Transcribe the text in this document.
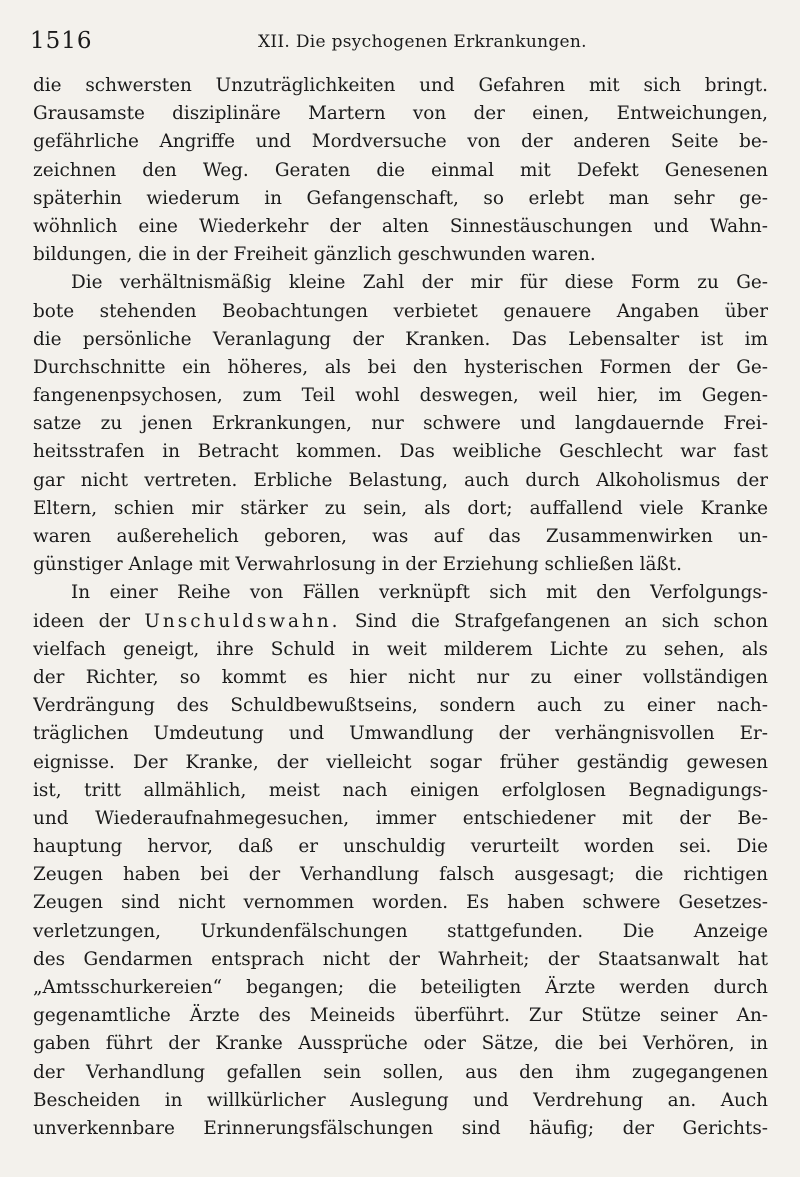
1516	XII. Die psychogenen Erkrankungen.
die schwersten Unzuträglichkeiten und Gefahren mit sich bringt.
Grausamste disziplinäre Martern von der einen, Entweichungen,
gefährliche Angriffe und Mordversuche von der anderen Seite be-
zeichnen den Weg. Geraten die einmal mit Defekt Genesenen
späterhin wiederum in Gefangenschaft, so erlebt man sehr ge-
wöhnlich eine Wiederkehr der alten Sinnestäuschungen und Wahn-
bildungen, die in der Freiheit gänzlich geschwunden waren.
Die verhältnismäßig kleine Zahl der mir für diese Form zu Ge-
bote stehenden Beobachtungen verbietet genauere Angaben über
die persönliche Veranlagung der Kranken. Das Lebensalter ist im
Durchschnitte ein höheres, als bei den hysterischen Formen der Ge-
fangenenpsychosen, zum Teil wohl deswegen, weil hier, im Gegen-
satze zu jenen Erkrankungen, nur schwere und langdauernde Frei-
heitsstrafen in Betracht kommen. Das weibliche Geschlecht war fast
gar nicht vertreten. Erbliche Belastung, auch durch Alkoholismus der
Eltern, schien mir stärker zu sein, als dort; auffallend viele Kranke
waren außerehelich geboren, was auf das Zusammenwirken un-
günstiger Anlage mit Verwahrlosung in der Erziehung schließen läßt.
In einer Reihe von Fällen verknüpft sich mit den Verfolgungs-
ideen der Unschuldswahn. Sind die Strafgefangenen an sich schon
vielfach geneigt, ihre Schuld in weit milderem Lichte zu sehen, als
der Richter, so kommt es hier nicht nur zu einer vollständigen
Verdrängung des Schuldbewußtseins, sondern auch zu einer nach-
träglichen Umdeutung und Umwandlung der verhängnisvollen Er-
eignisse. Der Kranke, der vielleicht sogar früher geständig gewesen
ist, tritt allmählich, meist nach einigen erfolglosen Begnadigungs-
und Wiederaufnahmegesuchen, immer entschiedener mit der Be-
hauptung hervor, daß er unschuldig verurteilt worden sei. Die
Zeugen haben bei der Verhandlung falsch ausgesagt; die richtigen
Zeugen sind nicht vernommen worden. Es haben schwere Gesetzes-
verletzungen, Urkundenfälschungen stattgefunden. Die Anzeige
des Gendarmen entsprach nicht der Wahrheit; der Staatsanwalt hat
„Amtsschurkereien“ begangen; die beteiligten Ärzte werden durch
gegenamtliche Ärzte des Meineids überführt. Zur Stütze seiner An-
gaben führt der Kranke Aussprüche oder Sätze, die bei Verhören, in
der Verhandlung gefallen sein sollen, aus den ihm zugegangenen
Bescheiden in willkürlicher Auslegung und Verdrehung an. Auch
unverkennbare Erinnerungsfälschungen sind häufig; der Gerichts-
